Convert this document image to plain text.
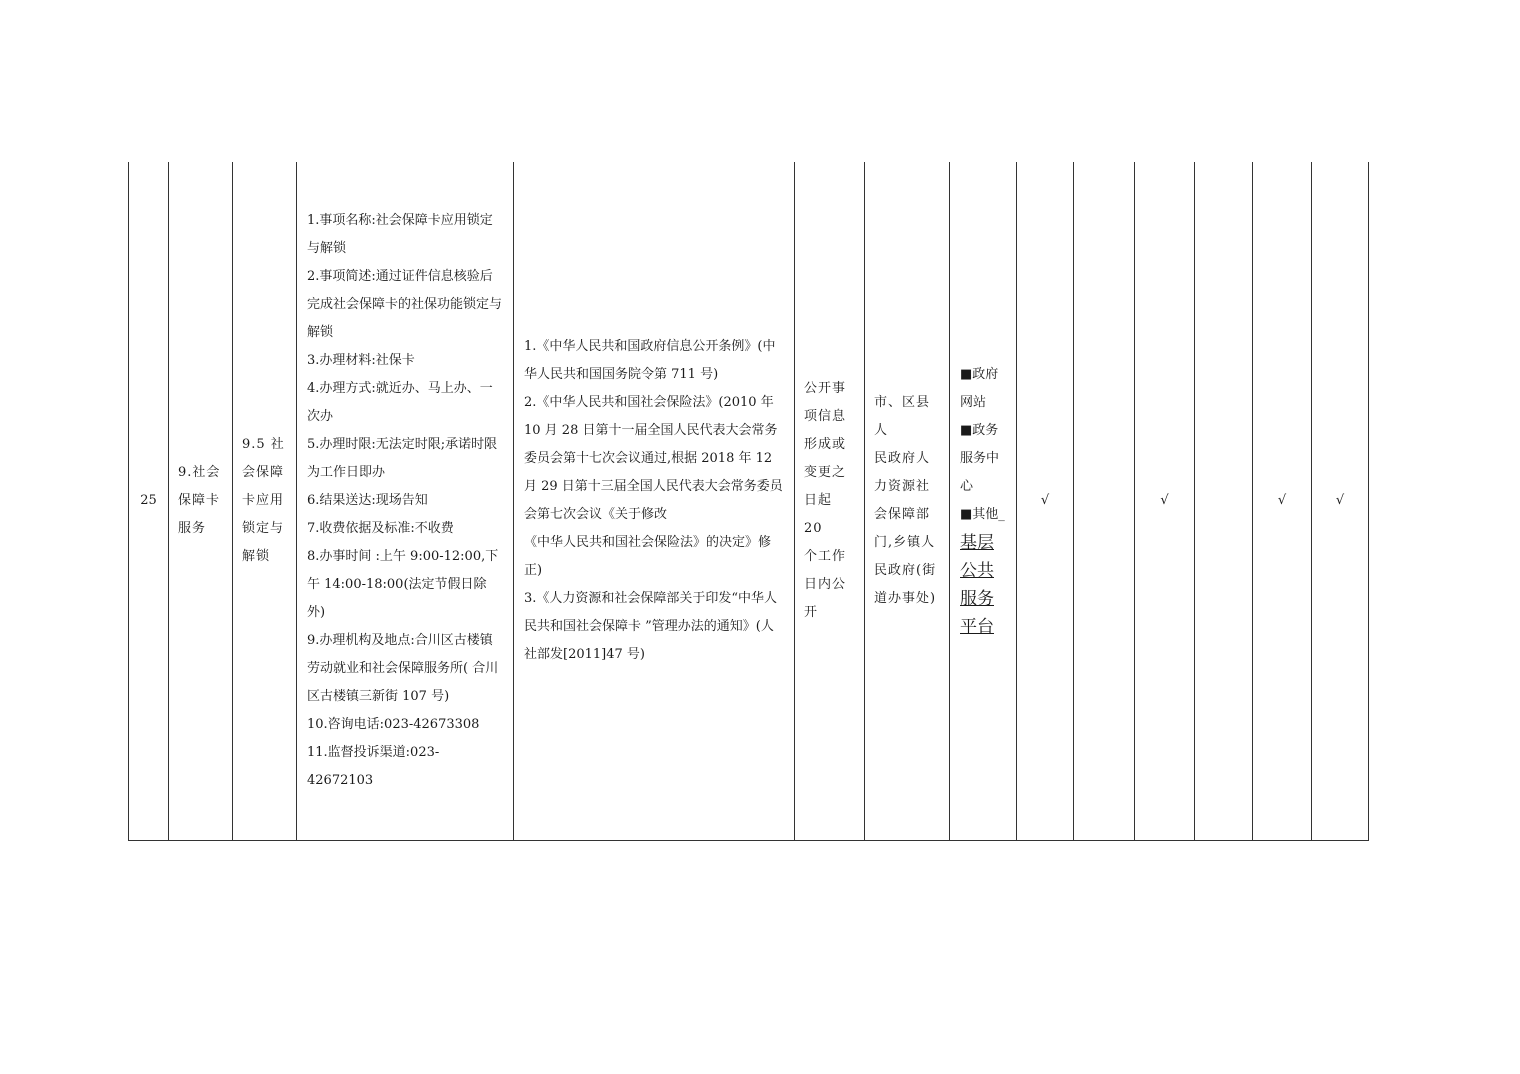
25	
9.社会
保障卡
服务

9.5 社
会保障
卡应用
锁定与
解锁

1.事项名称:社会保障卡应用锁定与解锁
2.事项简述:通过证件信息核验后完成社会保障卡的社保功能锁定与解锁
3.办理材料:社保卡
4.办理方式:就近办、马上办、一次办
5.办理时限:无法定时限;承诺时限为工作日即办
6.结果送达:现场告知
7.收费依据及标准:不收费
8.办事时间 :上午 9:00-12:00,下午 14:00-18:00(法定节假日除外)
9.办理机构及地点:合川区古楼镇劳动就业和社会保障服务所( 合川区古楼镇三新街 107 号)
10.咨询电话:023-42673308
11.监督投诉渠道:023-42672103

1.《中华人民共和国政府信息公开条例》(中华人民共和国国务院令第 711 号)
2.《中华人民共和国社会保险法》(2010 年 10 月 28 日第十一届全国人民代表大会常务委员会第十七次会议通过,根据 2018 年 12 月 29 日第十三届全国人民代表大会常务委员会第七次会议《关于修改
《中华人民共和国社会保险法》的决定》修正)
3.《人力资源和社会保障部关于印发“中华人民共和国社会保障卡 ”管理办法的通知》(人社部发[2011]47 号)

公开事
项信息
形成或
变更之
日起 20
个工作
日内公
开

市、区县人
民政府人
力资源社
会保障部
门,乡镇人
民政府(街
道办事处)

■政府
网站
■政务
服务中
心
■其他_
基层
公共
服务
平台
	√		√		√	√
